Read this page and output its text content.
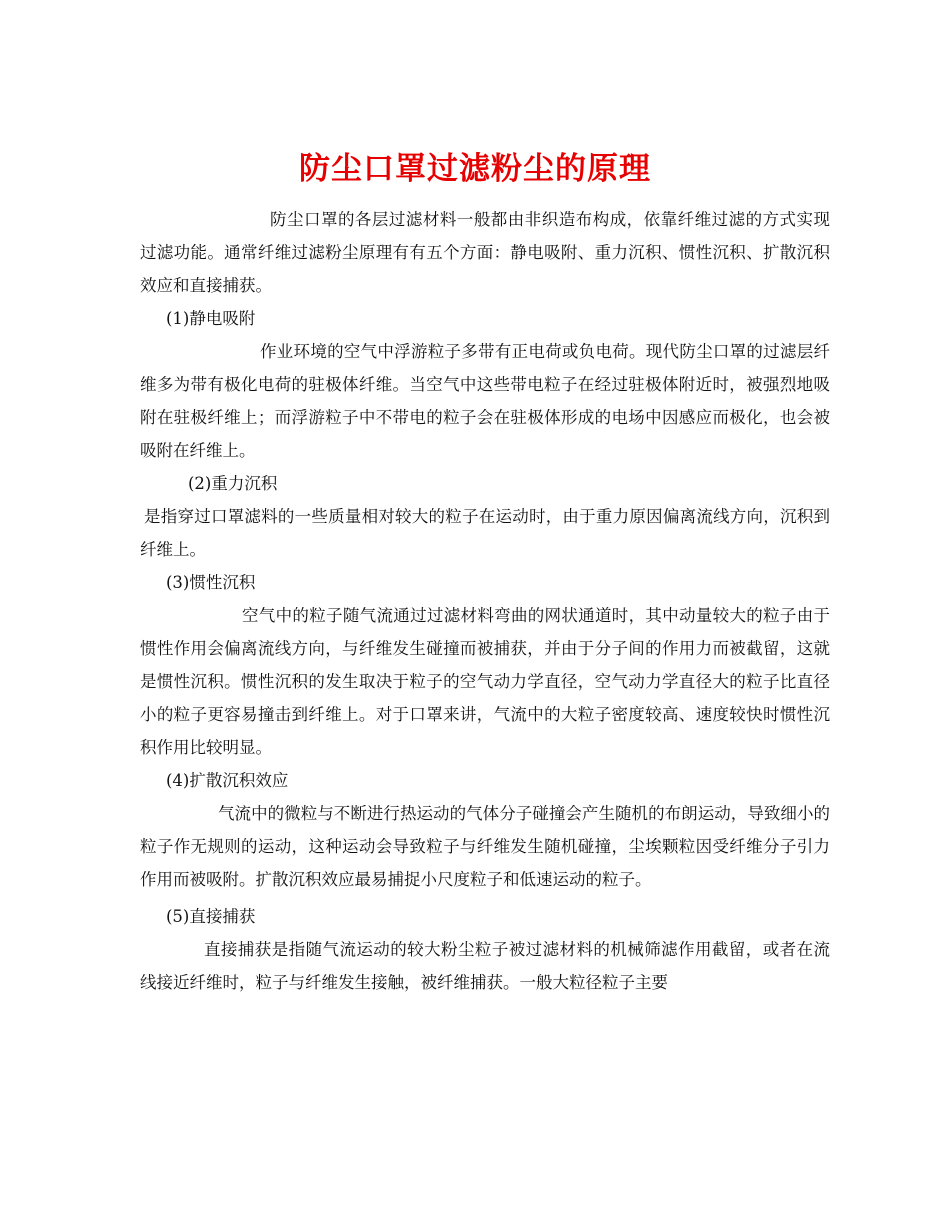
防尘口罩过滤粉尘的原理

防尘口罩的各层过滤材料一般都由非织造布构成，依靠纤维过滤的方式实现过滤功能。通常纤维过滤粉尘原理有有五个方面：静电吸附、重力沉积、惯性沉积、扩散沉积效应和直接捕获。

(1)静电吸附

作业环境的空气中浮游粒子多带有正电荷或负电荷。现代防尘口罩的过滤层纤维多为带有极化电荷的驻极体纤维。当空气中这些带电粒子在经过驻极体附近时，被强烈地吸附在驻极纤维上；而浮游粒子中不带电的粒子会在驻极体形成的电场中因感应而极化，也会被吸附在纤维上。

(2)重力沉积

是指穿过口罩滤料的一些质量相对较大的粒子在运动时，由于重力原因偏离流线方向，沉积到纤维上。

(3)惯性沉积

空气中的粒子随气流通过过滤材料弯曲的网状通道时，其中动量较大的粒子由于惯性作用会偏离流线方向，与纤维发生碰撞而被捕获，并由于分子间的作用力而被截留，这就是惯性沉积。惯性沉积的发生取决于粒子的空气动力学直径，空气动力学直径大的粒子比直径小的粒子更容易撞击到纤维上。对于口罩来讲，气流中的大粒子密度较高、速度较快时惯性沉积作用比较明显。

(4)扩散沉积效应

气流中的微粒与不断进行热运动的气体分子碰撞会产生随机的布朗运动，导致细小的粒子作无规则的运动，这种运动会导致粒子与纤维发生随机碰撞，尘埃颗粒因受纤维分子引力作用而被吸附。扩散沉积效应最易捕捉小尺度粒子和低速运动的粒子。

(5)直接捕获

直接捕获是指随气流运动的较大粉尘粒子被过滤材料的机械筛滤作用截留，或者在流线接近纤维时，粒子与纤维发生接触，被纤维捕获。一般大粒径粒子主要
